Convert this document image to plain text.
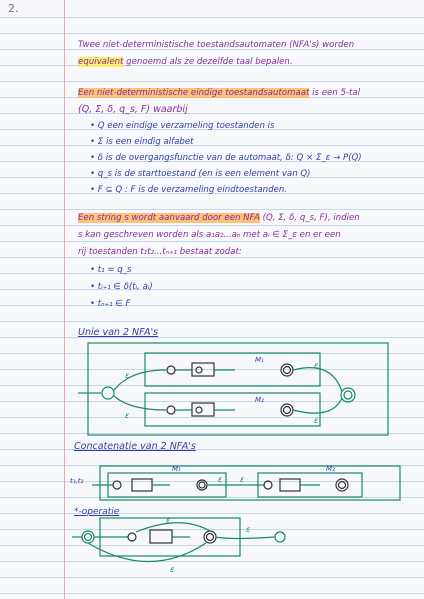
2.
Twee niet-deterministische toestandsautomaten (NFA's) worden
equivalent genoemd als ze dezelfde taal bepalen.
Een niet-deterministische eindige toestandsautomaat is een 5-tal
(Q, Σ, δ, q_s, F) waarbij
• Q een eindige verzameling toestanden is
• Σ is een eindig alfabet
• δ is de overgangsfunctie van de automaat, δ: Q × Σ_ε → P(Q)
• q_s is de starttoestand (en is een element van Q)
• F ⊆ Q : F is de verzameling eindtoestanden.
Een string s wordt aanvaard door een NFA (Q, Σ, δ, q_s, F), indien
s kan geschreven worden als a₁a₂...aₙ met aᵢ ∈ Σ_ε en er een
rij toestanden t₁t₂...tₙ₊₁ bestaat zodat:
• t₁ = q_s
• tᵢ₊₁ ∈ δ(tᵢ, aᵢ)
• tₙ₊₁ ∈ F
Unie van 2 NFA's
ε
ε
ε
ε
M₁
M₂
Concatenatie van 2 NFA's
t₁,t₂	ε ε
M₁	M₂
*-operatie
ε
ε
ε
